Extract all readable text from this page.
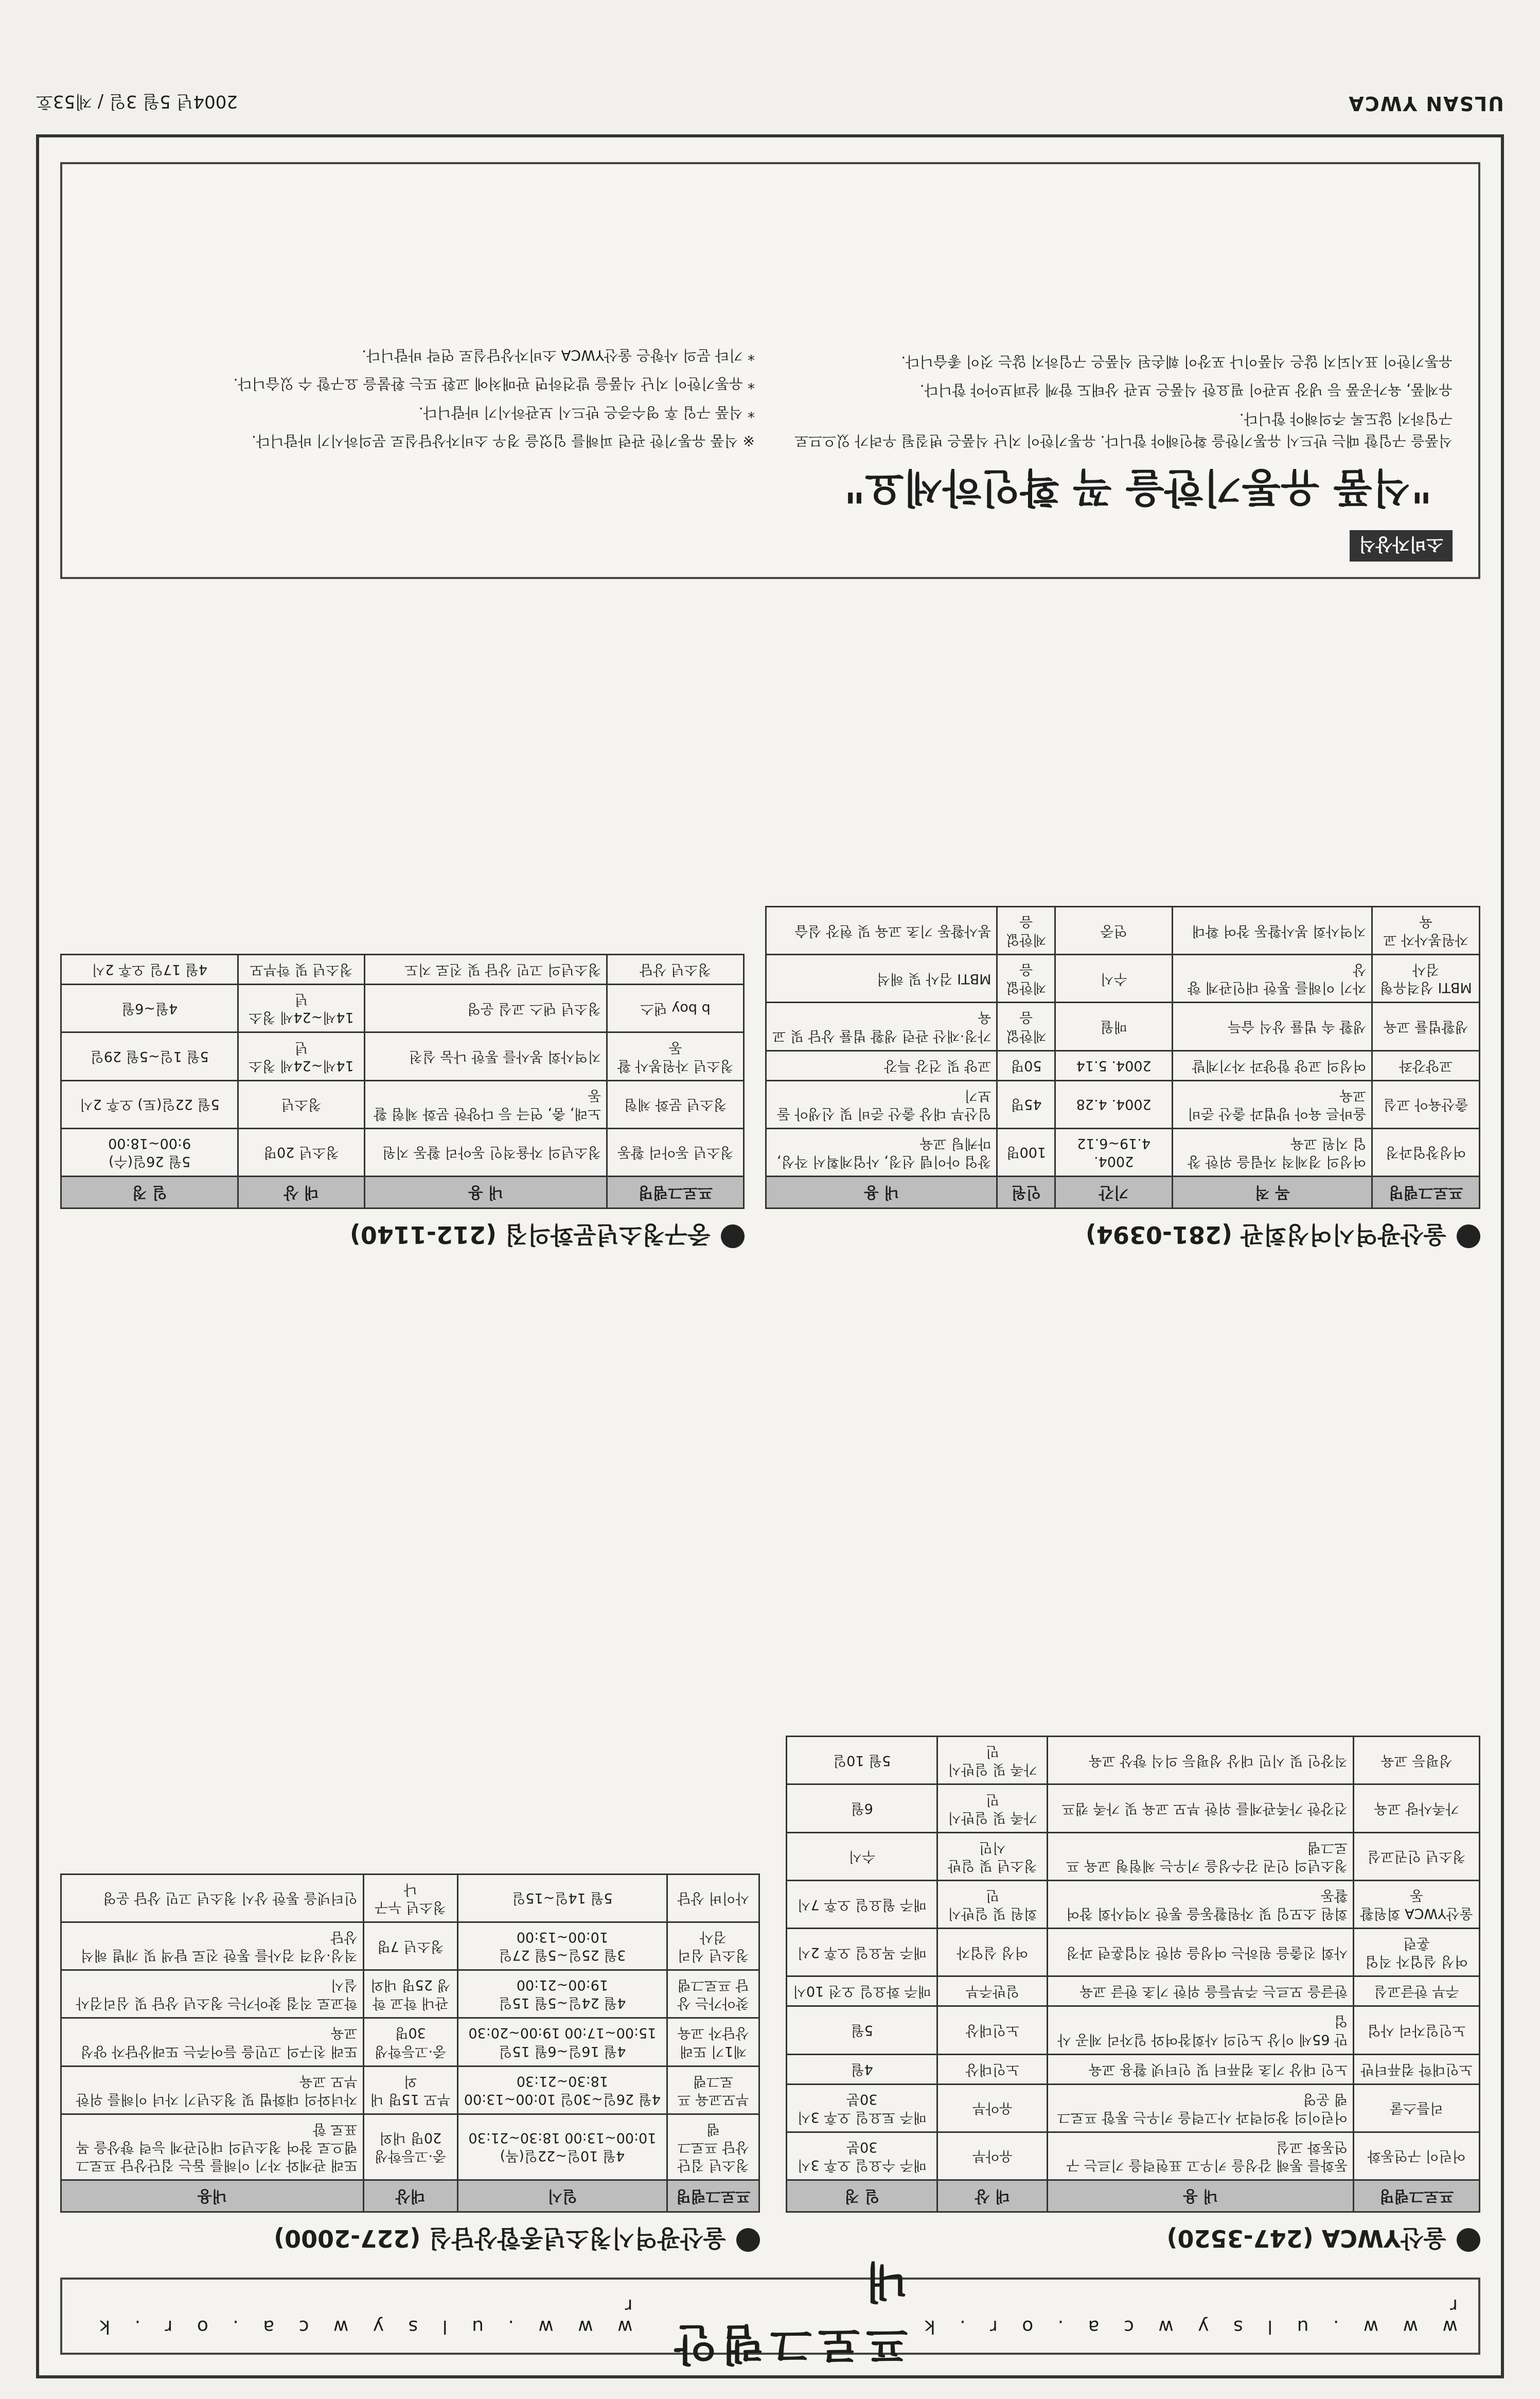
ULSAN YWCA
2004년 5월 3일 / 제53호
w w w . u l s y w c a . o r . k r
프로그램안내
w w w . u l s y w c a . o r . k r
울산YWCA (247-3520)
프로그램명	내 용	대 상	일 정
어린이 구연동화	동화를 통해 감성을 키우고 표현력을 기르는 구연동화 교실	유아부	매주 수요일 오후 3시 30분
리틀스쿨	어린이의 창의력과 사고력을 키우는 통합 프로그램 운영	유아부	매주 토요일 오후 3시 30분
노인대학 컴퓨터반	노인 대상 기초 컴퓨터 및 인터넷 활용 교육	노인대상	4월
노인일자리 사업	만 65세 이상 노인의 사회참여와 일자리 제공 사업	노인대상	5월
주부 한글교실	한글을 모르는 주부들을 위한 기초 한글 교육	일반주부	매주 화요일 오전 10시
여성 실업자 직업훈련	사회 진출을 원하는 여성을 위한 직업훈련 과정	여성 실업자	매주 목요일 오후 2시
울산YWCA 회원활동	회원 소모임 및 자원활동을 통한 지역사회 참여 활동	회원 및 일반시민	매주 월요일 오후 7시
청소년 인권교실	청소년의 인권 감수성을 키우는 체험형 교육 프로그램	청소년 및 일반시민	수시
가족사랑 교육	건강한 가족관계를 위한 부모 교육 및 가족 캠프	가족 및 일반시민	6월
성평등 교육	직장인 및 시민 대상 성평등 의식 향상 교육	가족 및 일반시민	5월 10일
울산광역시청소년종합상담실 (227-2000)
프로그램명	일시	대상	내용
청소년 집단상담 프로그램	4월 10일~22일(목) 10:00~13:00 18:30~21:30	중·고등학생 20명 내외	또래 관계와 자기 이해를 돕는 집단상담 프로그램으로 참여 청소년의 대인관계 능력 향상을 목표로 함
부모교육 프로그램	4월 26일~30일 10:00~13:00 18:30~21:30	부모 15명 내외	자녀와의 대화법 및 청소년기 자녀 이해를 위한 부모 교육
제1기 또래상담자 교육	4월 16일~6월 15일 15:00~17:00 19:00~20:30	중·고등학생 30명	또래 친구의 고민을 들어주는 또래상담자 양성 교육
찾아가는 상담 프로그램	4월 24일~5월 15일 19:00~21:00	관내 학교 학생 25명 내외	학교로 직접 찾아가는 청소년 상담 및 심리검사 실시
청소년 심리검사	3월 25일~5월 27일 10:00~13:00	청소년 7명	적성·성격 검사를 통한 진로 탐색 및 개별 해석 상담
사이버 상담	5월 14일~15일	청소년 누구나	인터넷을 통한 상시 청소년 고민 상담 운영
울산광역시여성회관 (281-0394)
프로그램명	목 적	기간	인원	내 용
여성창업과정	여성의 경제적 자립을 위한 창업 지원 교육	2004. 4.19~6.12	100명	창업 아이템 선정, 사업계획서 작성, 마케팅 교육
출산육아 교실	올바른 육아 방법과 출산 준비 교육	2004. 4.28	45명	임산부 대상 출산 준비 및 신생아 돌보기
교양강좌	여성의 교양 함양과 자기계발	2004. 5.14	50명	교양 및 건강 특강
생활법률 교육	생활 속 법률 상식 습득	매월	제한없음	가정·재산 관련 생활 법률 상담 및 교육
MBTI 성격유형검사	자기 이해를 통한 대인관계 향상	수시	제한없음	MBTI 검사 및 해석
자원봉사자 교육	지역사회 봉사활동 참여 확대	연중	제한없음	봉사활동 기초 교육 및 현장 실습
중구청소년문화의집 (212-1140)
프로그램명	내 용	대 상	일 정
청소년 동아리 활동	청소년의 자율적인 동아리 활동 지원	청소년 20명	5월 26일(수) 9:00~18:00
청소년 문화 체험	노래, 춤, 연극 등 다양한 문화 체험 활동	청소년	5월 22일(토) 오후 2시
청소년 자원봉사 활동	지역사회 봉사를 통한 나눔 실천	14세~24세 청소년	5월 1일~5월 29일
b boy 댄스	청소년 댄스 교실 운영	14세~24세 청소년	4월~6월
청소년 상담	청소년의 고민 상담 및 진로 지도	청소년 및 학부모	4월 17일 오후 2시
소비자상식
"식품 유통기한을 꼭 확인하세요"

식품을 구입할 때는 반드시 유통기한을 확인해야 합니다. 유통기한이 지난 식품은 변질될 우려가 있으므로 구입하지 않도록 주의해야 합니다.

유제품, 육가공품 등 냉장 보관이 필요한 식품은 보관 상태도 함께 살펴보아야 합니다.

유통기한이 표시되지 않은 식품이나 포장이 훼손된 식품은 구입하지 않는 것이 좋습니다.

※ 식품 유통기한 관련 피해를 입었을 경우 소비자상담실로 문의하시기 바랍니다.

* 식품 구입 후 영수증은 반드시 보관하시기 바랍니다.

* 유통기한이 지난 식품을 발견하면 판매처에 교환 또는 환불을 요구할 수 있습니다.

* 기타 문의 사항은 울산YWCA 소비자상담실로 연락 바랍니다.
